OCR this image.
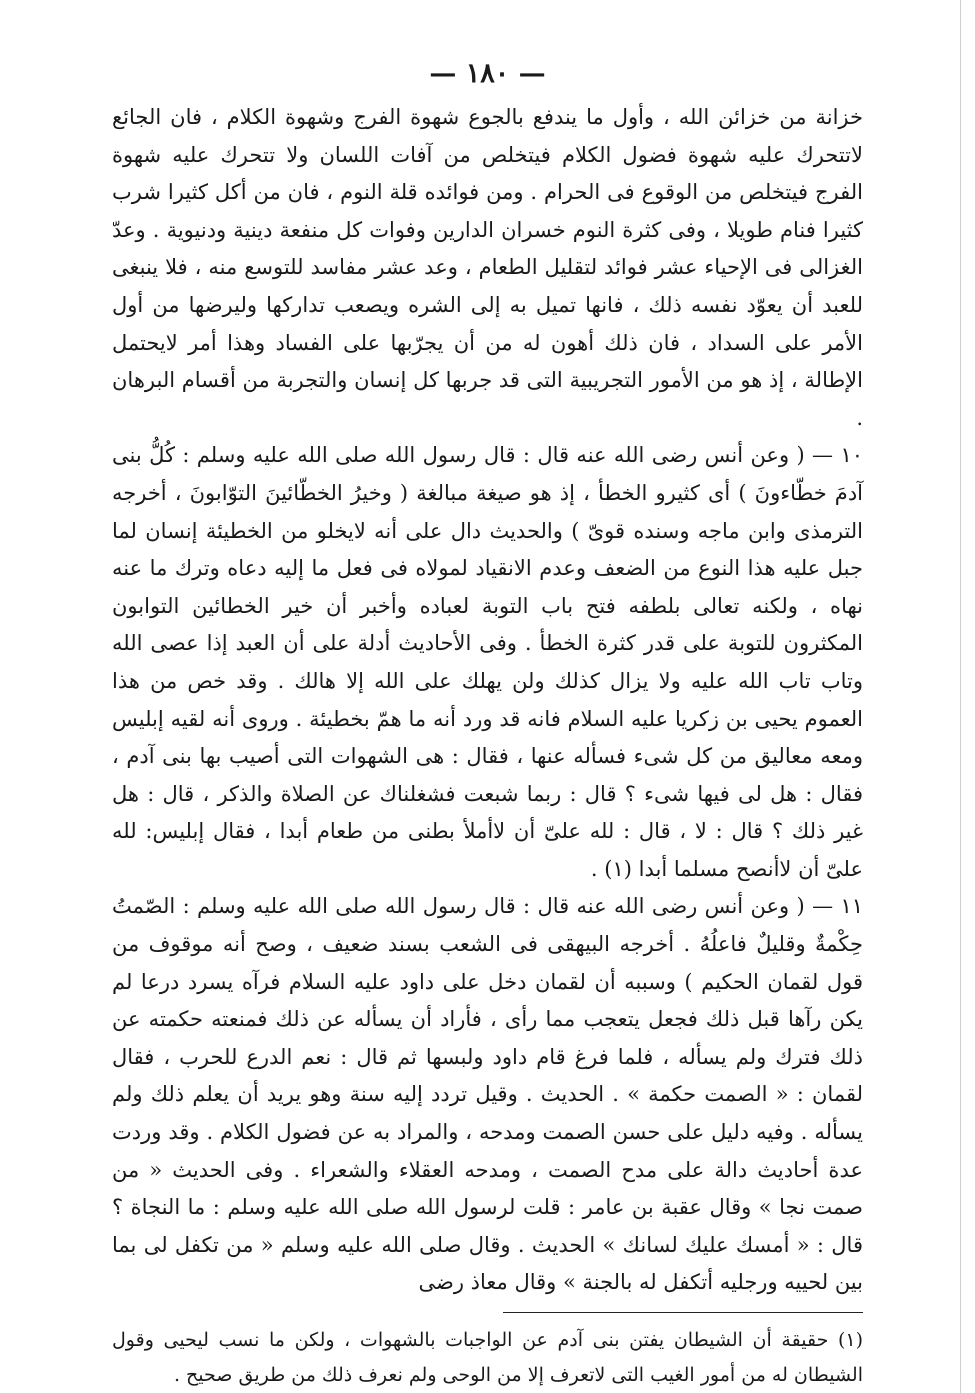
— ١٨٠ —

خزانة من خزائن الله ، وأول ما يندفع بالجوع شهوة الفرج وشهوة الكلام ، فان الجائع لاتتحرك عليه شهوة فضول الكلام فيتخلص من آفات اللسان ولا تتحرك عليه شهوة الفرج فيتخلص من الوقوع فى الحرام . ومن فوائده قلة النوم ، فان من أكل كثيرا شرب كثيرا فنام طويلا ، وفى كثرة النوم خسران الدارين وفوات كل منفعة دينية ودنيوية . وعدّ الغزالى فى الإحياء عشر فوائد لتقليل الطعام ، وعد عشر مفاسد للتوسع منه ، فلا ينبغى للعبد أن يعوّد نفسه ذلك ، فانها تميل به إلى الشره ويصعب تداركها وليرضها من أول الأمر على السداد ، فان ذلك أهون له من أن يجرّبها على الفساد وهذا أمر لايحتمل الإطالة ، إذ هو من الأمور التجريبية التى قد جربها كل إنسان والتجربة من أقسام البرهان .

١٠ — ( وعن أنس رضى الله عنه قال : قال رسول الله صلى الله عليه وسلم : كُلُّ بنى آدمَ خطّاءونَ ) أى كثيرو الخطأ ، إذ هو صيغة مبالغة ( وخيرُ الخطّائينَ التوّابونَ ، أخرجه الترمذى وابن ماجه وسنده قوىّ ) والحديث دال على أنه لايخلو من الخطيئة إنسان لما جبل عليه هذا النوع من الضعف وعدم الانقياد لمولاه فى فعل ما إليه دعاه وترك ما عنه نهاه ، ولكنه تعالى بلطفه فتح باب التوبة لعباده وأخبر أن خير الخطائين التوابون المكثرون للتوبة على قدر كثرة الخطأ . وفى الأحاديث أدلة على أن العبد إذا عصى الله وتاب تاب الله عليه ولا يزال كذلك ولن يهلك على الله إلا هالك . وقد خص من هذا العموم يحيى بن زكريا عليه السلام فانه قد ورد أنه ما همّ بخطيئة . وروى أنه لقيه إبليس ومعه معاليق من كل شىء فسأله عنها ، فقال : هى الشهوات التى أصيب بها بنى آدم ، فقال : هل لى فيها شىء ؟ قال : ربما شبعت فشغلناك عن الصلاة والذكر ، قال : هل غير ذلك ؟ قال : لا ، قال : لله علىّ أن لاأملأ بطنى من طعام أبدا ، فقال إبليس: لله علىّ أن لاأنصح مسلما أبدا (١) .

١١ — ( وعن أنس رضى الله عنه قال : قال رسول الله صلى الله عليه وسلم : الصّمتُ حِكْمةٌ وقليلٌ فاعلُهُ . أخرجه البيهقى فى الشعب بسند ضعيف ، وصح أنه موقوف من قول لقمان الحكيم ) وسببه أن لقمان دخل على داود عليه السلام فرآه يسرد درعا لم يكن رآها قبل ذلك فجعل يتعجب مما رأى ، فأراد أن يسأله عن ذلك فمنعته حكمته عن ذلك فترك ولم يسأله ، فلما فرغ قام داود ولبسها ثم قال : نعم الدرع للحرب ، فقال لقمان : « الصمت حكمة » . الحديث . وقيل تردد إليه سنة وهو يريد أن يعلم ذلك ولم يسأله . وفيه دليل على حسن الصمت ومدحه ، والمراد به عن فضول الكلام . وقد وردت عدة أحاديث دالة على مدح الصمت ، ومدحه العقلاء والشعراء . وفى الحديث « من صمت نجا » وقال عقبة بن عامر : قلت لرسول الله صلى الله عليه وسلم : ما النجاة ؟ قال : « أمسك عليك لسانك » الحديث . وقال صلى الله عليه وسلم « من تكفل لى بما بين لحييه ورجليه أتكفل له بالجنة » وقال معاذ رضى

(١) حقيقة أن الشيطان يفتن بنى آدم عن الواجبات بالشهوات ، ولكن ما نسب ليحيى وقول الشيطان له من أمور الغيب التى لاتعرف إلا من الوحى ولم نعرف ذلك من طريق صحيح .
